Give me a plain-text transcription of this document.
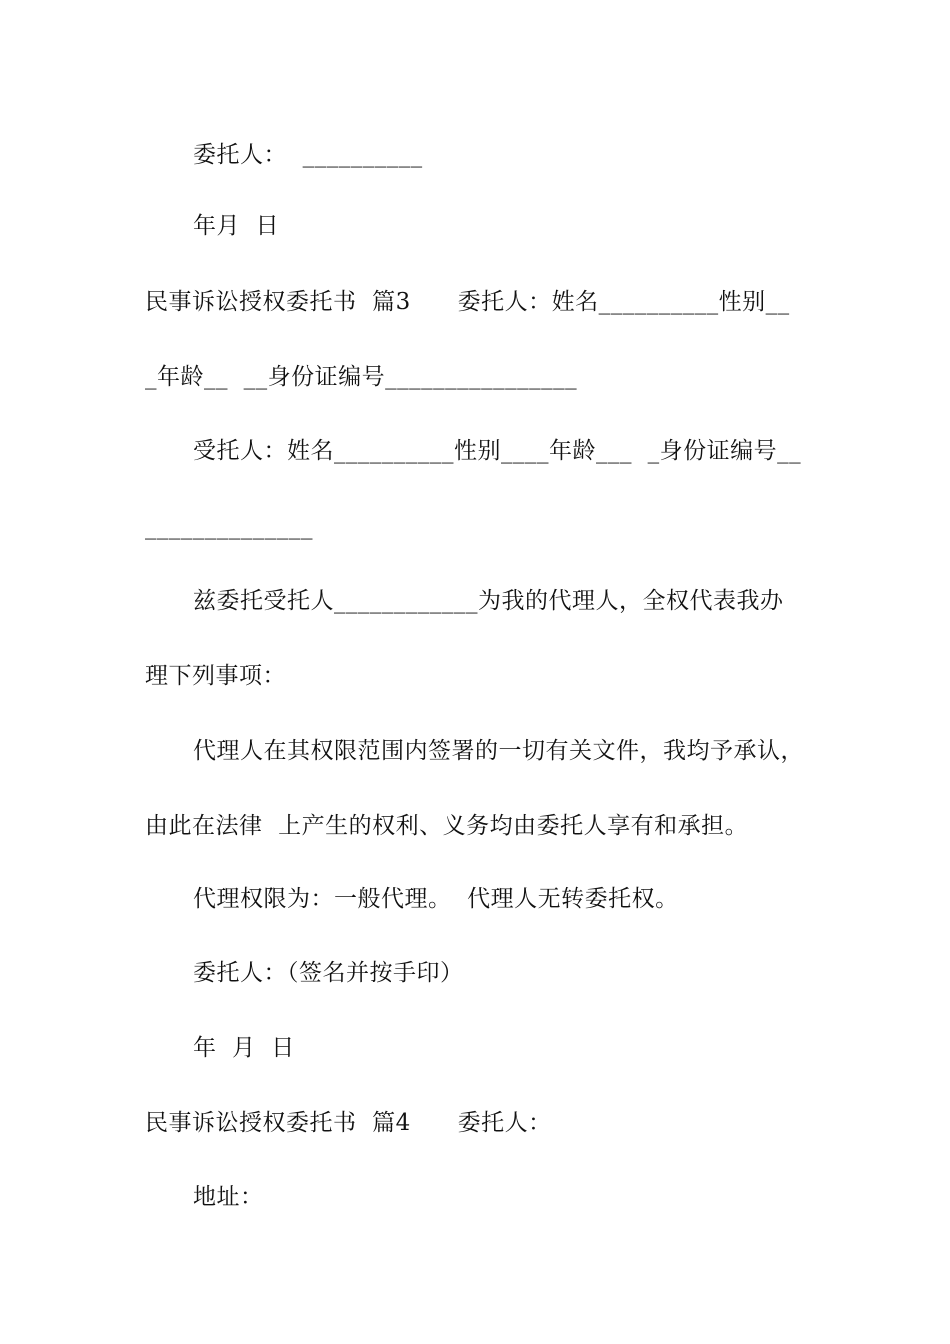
委托人：  __________
年月  日
民事诉讼授权委托书  篇3      委托人：姓名__________性别__
_年龄__  __身份证编号________________
受托人：姓名__________性别____年龄___  _身份证编号__
______________
兹委托受托人____________为我的代理人，全权代表我办
理下列事项：
代理人在其权限范围内签署的一切有关文件，我均予承认，
由此在法律  上产生的权利、义务均由委托人享有和承担。
代理权限为：一般代理。  代理人无转委托权。
委托人：（签名并按手印）
年  月  日
民事诉讼授权委托书  篇4      委托人：
地址：
